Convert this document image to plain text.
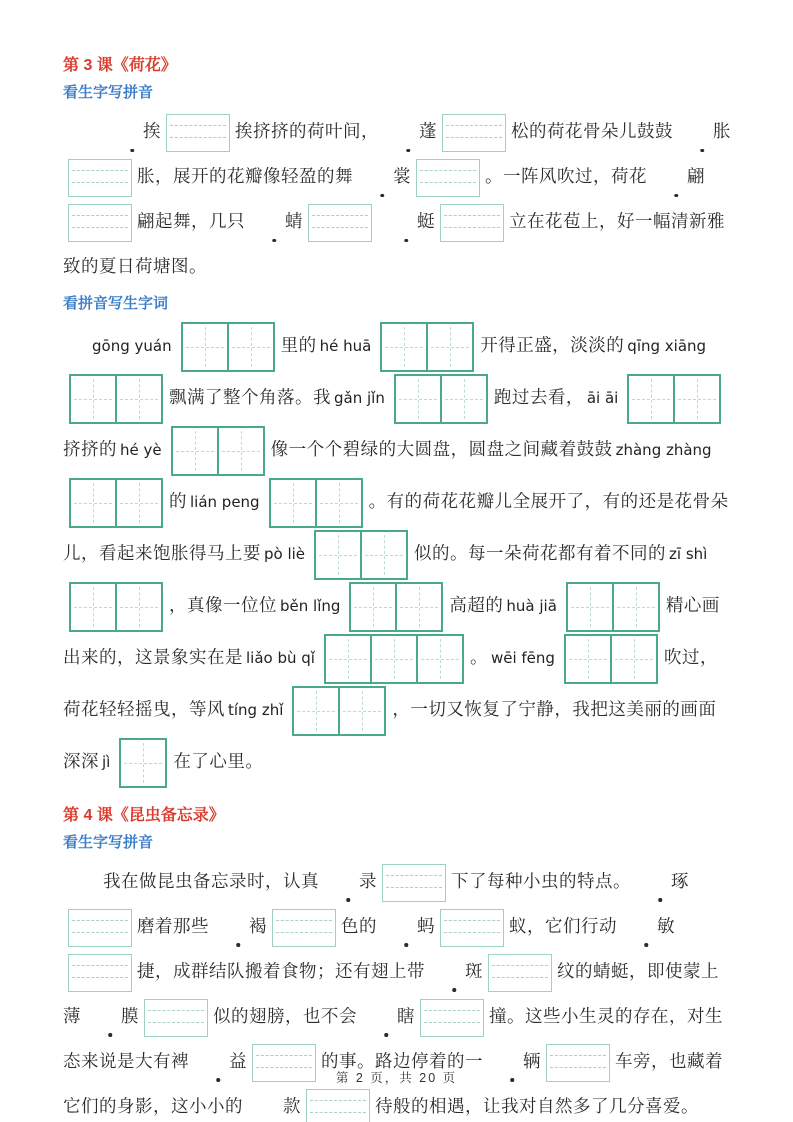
第 3 课《荷花》
看生字写拼音

挨	挨挤挤的荷叶间， 蓬	松的荷花骨朵儿鼓鼓 胀胀，展开的花瓣像轻盈的舞 裳	。一阵风吹过，荷花 翩翩起舞，几只 蜻	蜓	立在花苞上，好一幅清新雅致的夏日荷塘图。

看拼音写生字词

gōng yuán	里的 hé huā	开得正盛，淡淡的 qīng xiāng
飘满了整个角落。我 gǎn jǐn	跑过去看， āi āi
挤挤的 hé yè	像一个个碧绿的大圆盘，圆盘之间藏着鼓鼓 zhàng zhàng
的 lián peng	。有的荷花花瓣儿全展开了，有的还是花骨朵儿，看起来饱胀得马上要 pò liè	似的。每一朵荷花都有着不同的 zī shì
，真像一位位 běn lǐng	高超的 huà jiā	精心画出来的，这景象实在是 liǎo bù qǐ	。 wēi fēng	吹过，荷花轻轻摇曳，等风 tíng zhǐ	，一切又恢复了宁静，我把这美丽的画面深深 jì	在了心里。

第 4 课《昆虫备忘录》
看生字写拼音

我在做昆虫备忘录时，认真 录	下了每种小虫的特点。 琢磨着那些 褐	色的 蚂	蚁，它们行动 敏捷，成群结队搬着食物；还有翅上带 斑	纹的蜻蜓，即使蒙上薄 膜	似的翅膀，也不会 瞎	撞。这些小生灵的存在，对生态来说是大有裨 益	的事。路边停着的一 辆	车旁，也藏着它们的身影，这小小的 款	待般的相遇，让我对自然多了几分喜爱。

第 2 页，共 20 页
